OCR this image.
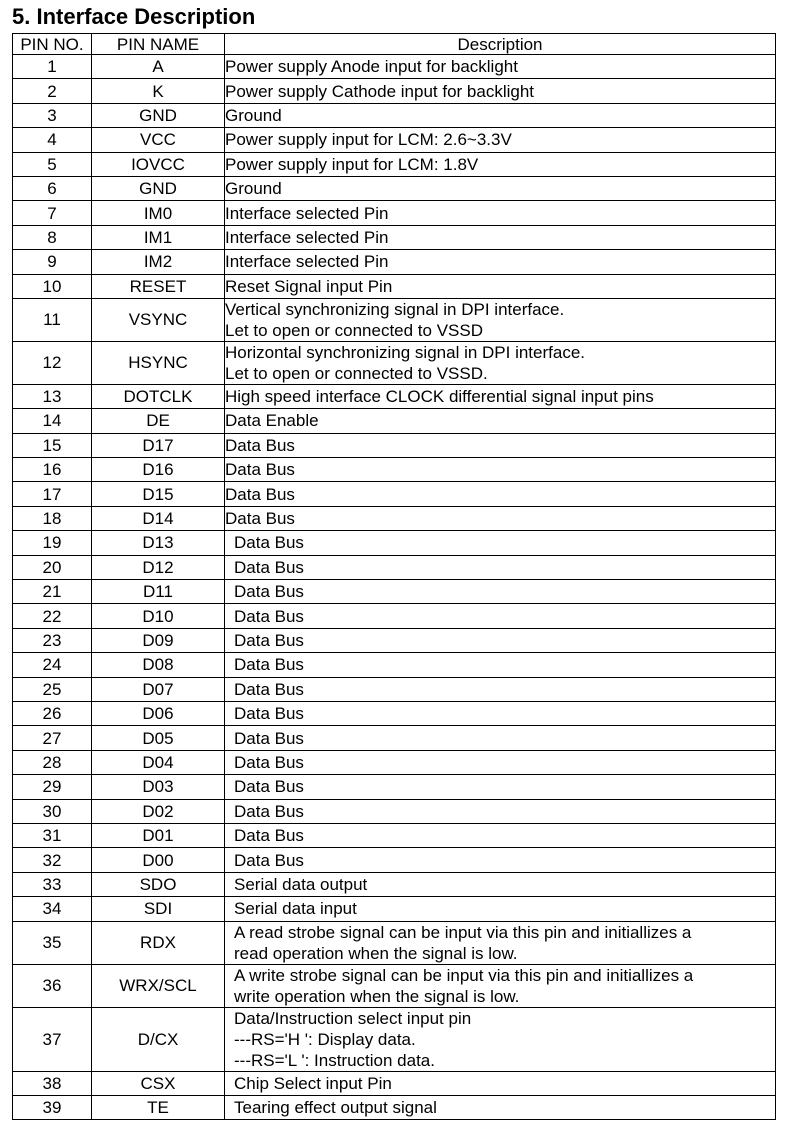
5. Interface Description
PIN NO.	PIN NAME	Description
1	A	Power supply Anode input for backlight

2	K	Power supply Cathode input for backlight

3	GND	Ground

4	VCC	Power supply input for LCM: 2.6~3.3V

5	IOVCC	Power supply input for LCM: 1.8V

6	GND	Ground

7	IM0	Interface selected Pin

8	IM1	Interface selected Pin

9	IM2	Interface selected Pin

10	RESET	Reset Signal input Pin

11	VSYNC	Vertical synchronizing signal in DPI interface.
Let to open or connected to VSSD

12	HSYNC	Horizontal synchronizing signal in DPI interface.
Let to open or connected to VSSD.

13	DOTCLK	High speed interface CLOCK differential signal input pins

14	DE	Data Enable

15	D17	Data Bus

16	D16	Data Bus

17	D15	Data Bus

18	D14	Data Bus

19	D13	Data Bus

20	D12	Data Bus

21	D11	Data Bus

22	D10	Data Bus

23	D09	Data Bus

24	D08	Data Bus

25	D07	Data Bus

26	D06	Data Bus

27	D05	Data Bus

28	D04	Data Bus

29	D03	Data Bus

30	D02	Data Bus

31	D01	Data Bus

32	D00	Data Bus

33	SDO	Serial data output

34	SDI	Serial data input

35	RDX	A read strobe signal can be input via this pin and initiallizes a
read operation when the signal is low.

36	WRX/SCL	A write strobe signal can be input via this pin and initiallizes a
write operation when the signal is low.

37	D/CX	Data/Instruction select input pin
---RS='H ': Display data.
---RS='L ': Instruction data.

38	CSX	Chip Select input Pin

39	TE	Tearing effect output signal
